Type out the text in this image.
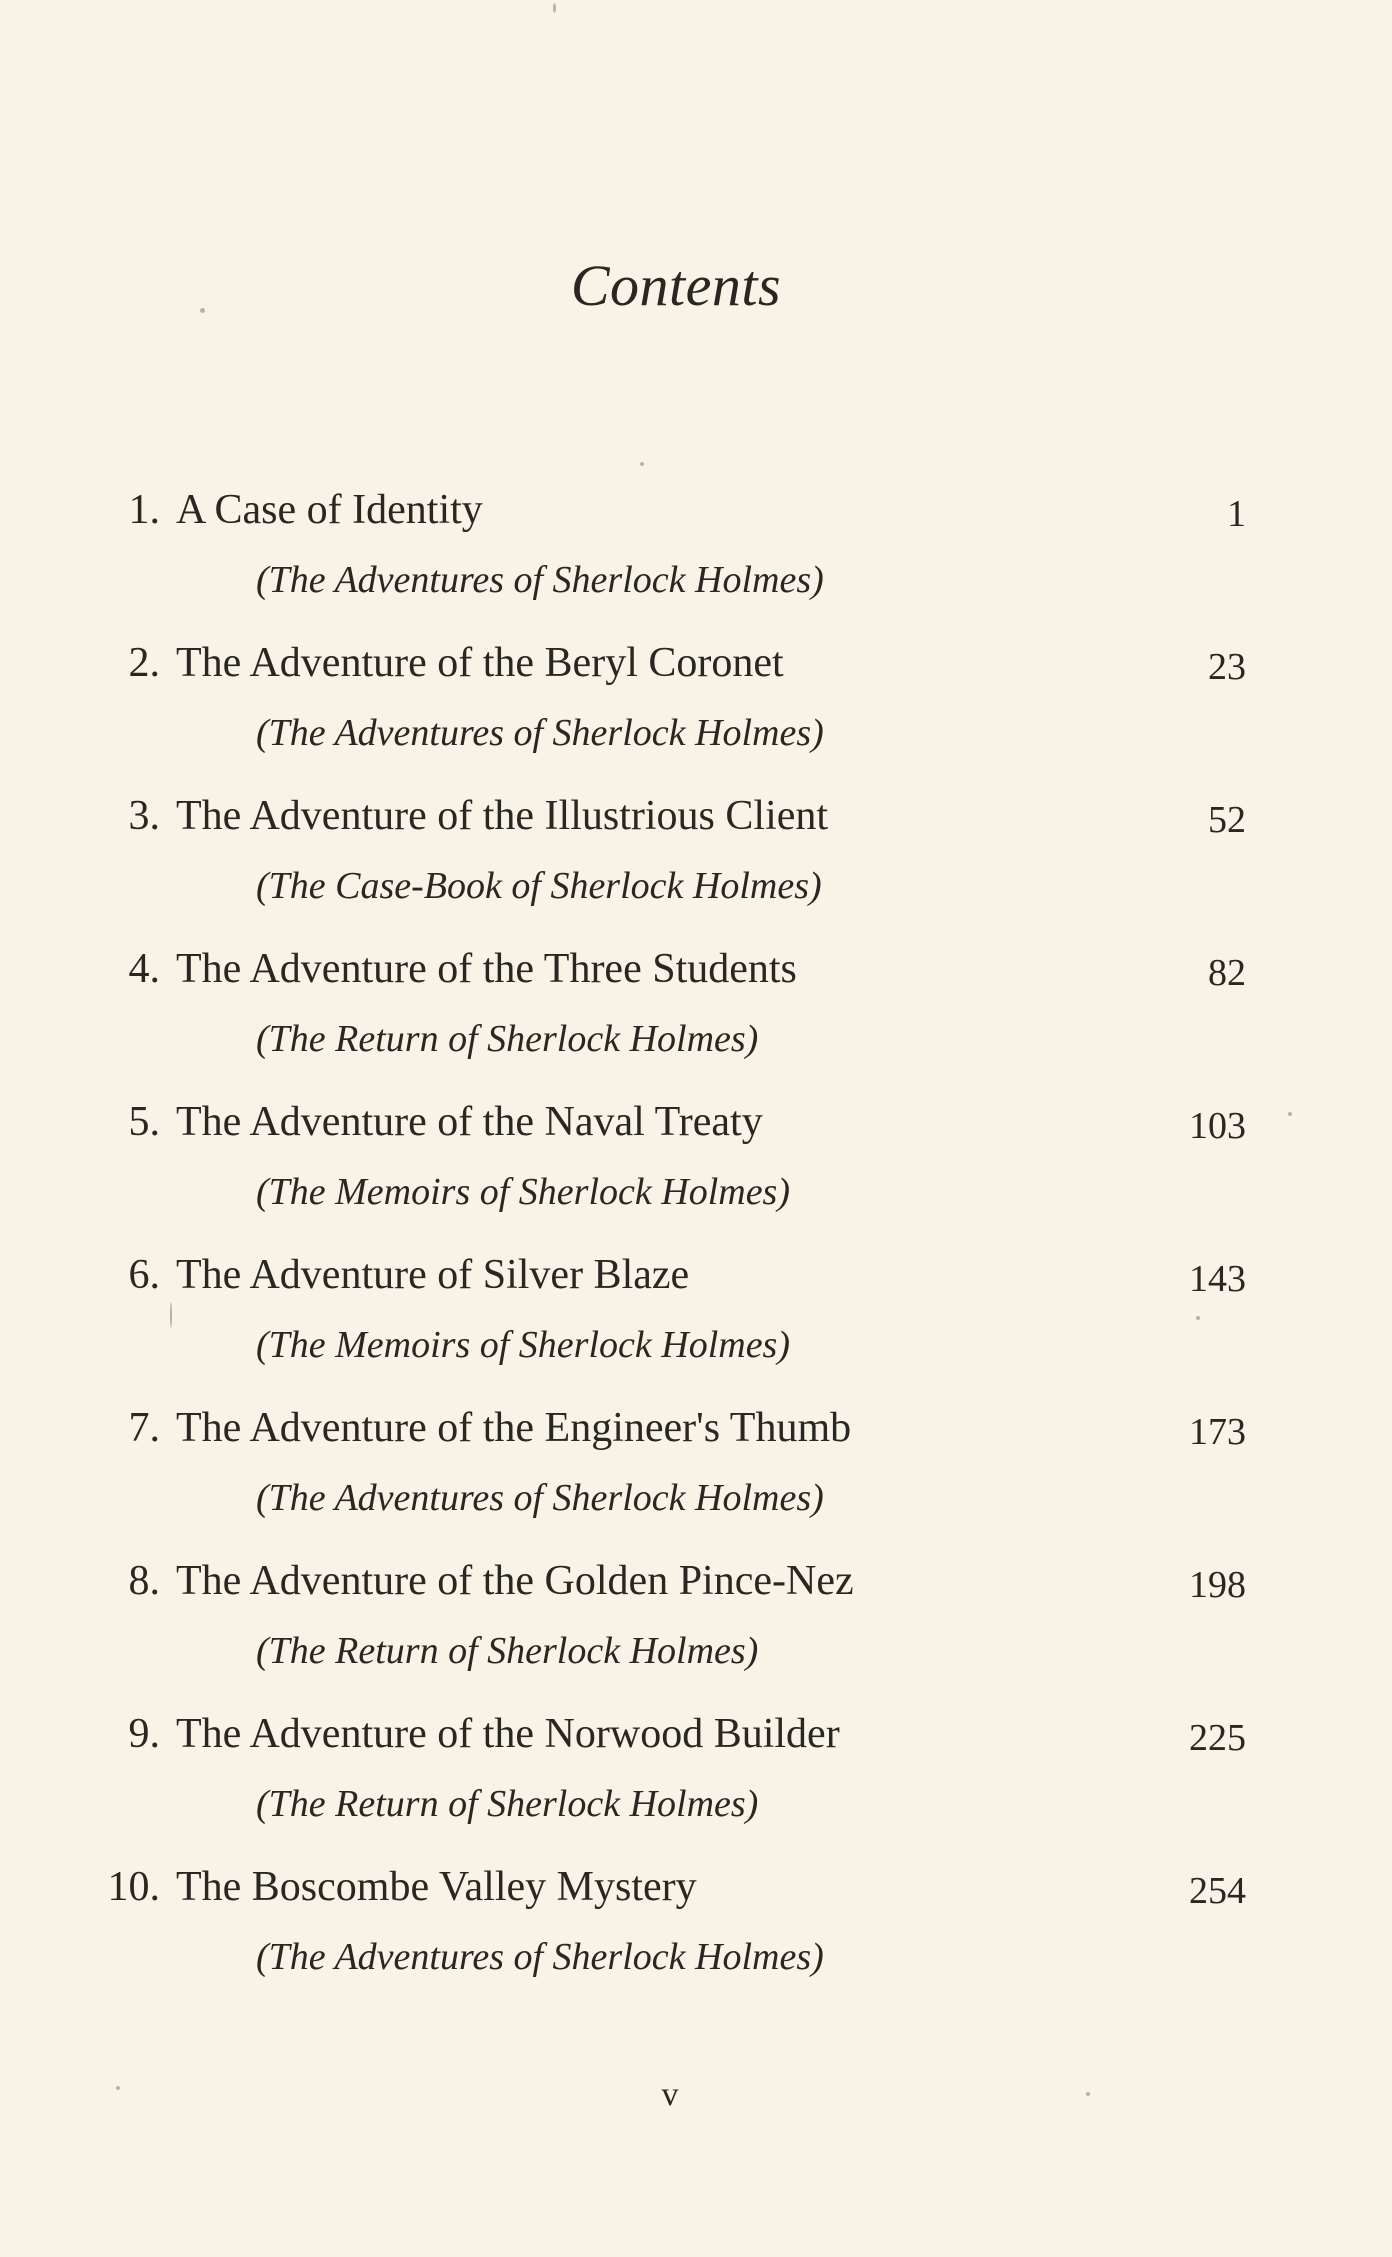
Contents
1. A Case of Identity	1
(The Adventures of Sherlock Holmes)
2. The Adventure of the Beryl Coronet	23
(The Adventures of Sherlock Holmes)
3. The Adventure of the Illustrious Client	52
(The Case-Book of Sherlock Holmes)
4. The Adventure of the Three Students	82
(The Return of Sherlock Holmes)
5. The Adventure of the Naval Treaty	103
(The Memoirs of Sherlock Holmes)
6. The Adventure of Silver Blaze	143
(The Memoirs of Sherlock Holmes)
7. The Adventure of the Engineer's Thumb	173
(The Adventures of Sherlock Holmes)
8. The Adventure of the Golden Pince-Nez	198
(The Return of Sherlock Holmes)
9. The Adventure of the Norwood Builder	225
(The Return of Sherlock Holmes)
10. The Boscombe Valley Mystery	254
(The Adventures of Sherlock Holmes)
v
